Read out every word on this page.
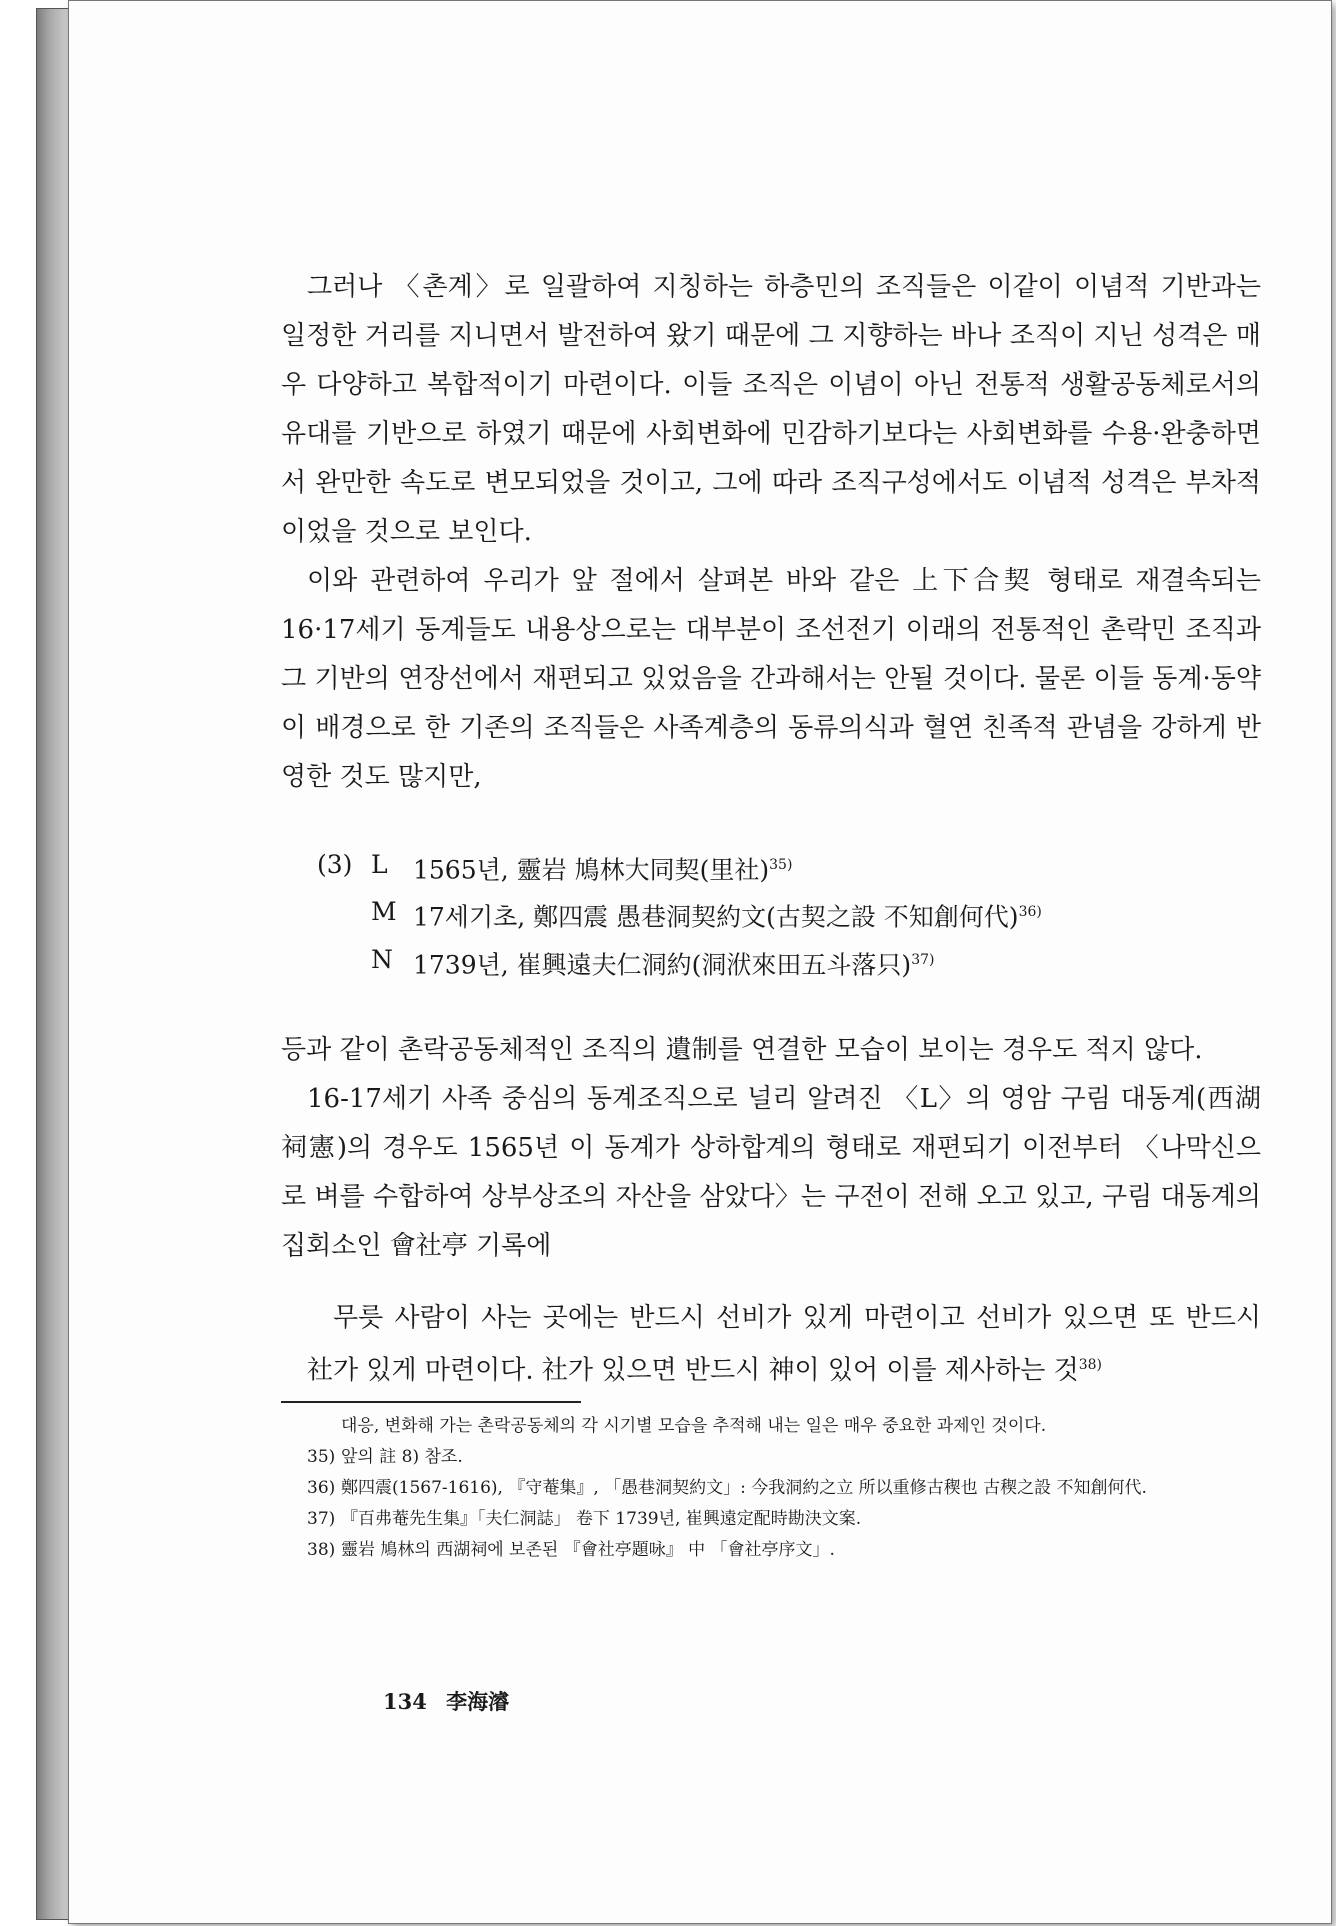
그러나 〈촌계〉로 일괄하여 지칭하는 하층민의 조직들은 이같이 이념적 기반과는 일정한 거리를 지니면서 발전하여 왔기 때문에 그 지향하는 바나 조직이 지닌 성격은 매우 다양하고 복합적이기 마련이다. 이들 조직은 이념이 아닌 전통적 생활공동체로서의 유대를 기반으로 하였기 때문에 사회변화에 민감하기보다는 사회변화를 수용·완충하면서 완만한 속도로 변모되었을 것이고, 그에 따라 조직구성에서도 이념적 성격은 부차적이었을 것으로 보인다.

이와 관련하여 우리가 앞 절에서 살펴본 바와 같은 上下合契 형태로 재결속되는 16·17세기 동계들도 내용상으로는 대부분이 조선전기 이래의 전통적인 촌락민 조직과 그 기반의 연장선에서 재편되고 있었음을 간과해서는 안될 것이다. 물론 이들 동계·동약이 배경으로 한 기존의 조직들은 사족계층의 동류의식과 혈연 친족적 관념을 강하게 반영한 것도 많지만,

(3) L	1565년, 靈岩 鳩林大同契(里社)$^{35)}$
M 17세기초, 鄭四震 愚巷洞契約文(古契之設 不知創何代)$^{36)}$
N 1739년, 崔興遠夫仁洞約(洞洑來田五斗落只)$^{37)}$

등과 같이 촌락공동체적인 조직의 遺制를 연결한 모습이 보이는 경우도 적지 않다.

16-17세기 사족 중심의 동계조직으로 널리 알려진 〈L〉의 영암 구림 대동계(西湖祠憲)의 경우도 1565년 이 동계가 상하합계의 형태로 재편되기 이전부터 〈나막신으로 벼를 수합하여 상부상조의 자산을 삼았다〉는 구전이 전해 오고 있고, 구림 대동계의 집회소인 會社亭 기록에

무릇 사람이 사는 곳에는 반드시 선비가 있게 마련이고 선비가 있으면 또 반드시 社가 있게 마련이다. 社가 있으면 반드시 神이 있어 이를 제사하는 것$^{38)}$
대응, 변화해 가는 촌락공동체의 각 시기별 모습을 추적해 내는 일은 매우 중요한 과제인 것이다.
35) 앞의 註 8) 참조.
36) 鄭四震(1567-1616), 『守菴集』, 「愚巷洞契約文」: 今我洞約之立 所以重修古稧也 古稧之設 不知創何代.
37) 『百弗菴先生集』「夫仁洞誌」 卷下 1739년, 崔興遠定配時勘決文案.
38) 靈岩 鳩林의 西湖祠에 보존된 『會社亭題咏』 中 「會社亭序文」.
134 李海濬
